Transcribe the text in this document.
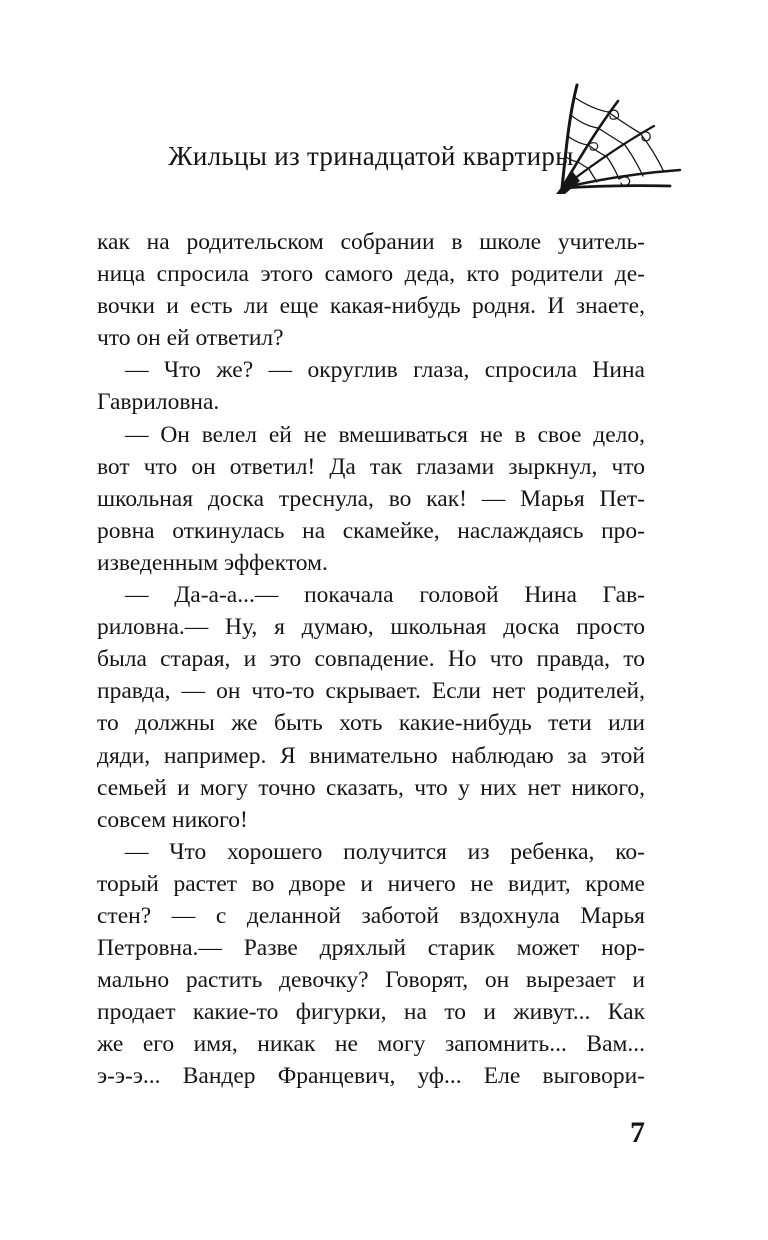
Жильцы из тринадцатой квартиры
как на родительском собрании в школе учитель-
ница спросила этого самого деда, кто родители де-
вочки и есть ли еще какая-нибудь родня. И знаете,
что он ей ответил?
— Что же? — округлив глаза, спросила Нина
Гавриловна.
— Он велел ей не вмешиваться не в свое дело,
вот что он ответил! Да так глазами зыркнул, что
школьная доска треснула, во как! — Марья Пет-
ровна откинулась на скамейке, наслаждаясь про-
изведенным эффектом.
— Да-а-а...— покачала головой Нина Гав-
риловна.— Ну, я думаю, школьная доска просто
была старая, и это совпадение. Но что правда, то
правда, — он что-то скрывает. Если нет родителей,
то должны же быть хоть какие-нибудь тети или
дяди, например. Я внимательно наблюдаю за этой
семьей и могу точно сказать, что у них нет никого,
совсем никого!
— Что хорошего получится из ребенка, ко-
торый растет во дворе и ничего не видит, кроме
стен? — с деланной заботой вздохнула Марья
Петровна.— Разве дряхлый старик может нор-
мально растить девочку? Говорят, он вырезает и
продает какие-то фигурки, на то и живут... Как
же его имя, никак не могу запомнить... Вам...
э-э-э... Вандер Францевич, уф... Еле выговори-
7
